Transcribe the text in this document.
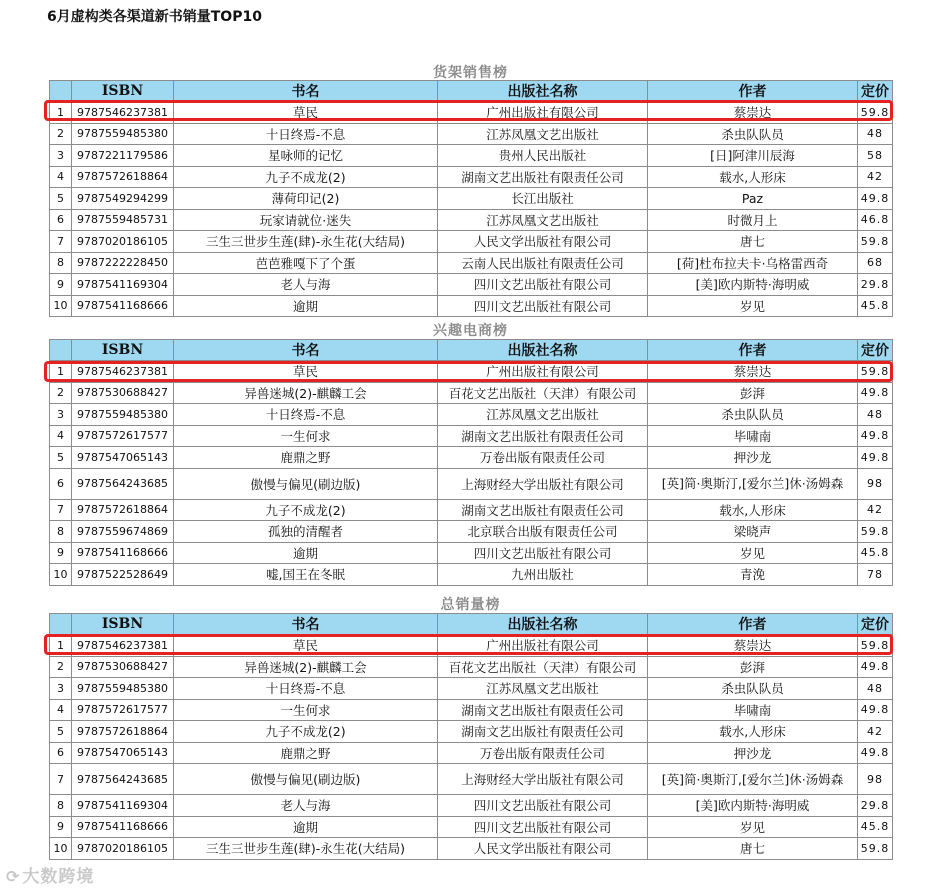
6月虚构类各渠道新书销量TOP10
货架销售榜
	ISBN	书名	出版社名称	作者	定价
1	9787546237381	草民	广州出版社有限公司	蔡崇达	59.8
2	9787559485380	十日终焉-不息	江苏凤凰文艺出版社	杀虫队队员	48
3	9787221179586	星咏师的记忆	贵州人民出版社	[日]阿津川辰海	58
4	9787572618864	九子不成龙(2)	湖南文艺出版社有限责任公司	载水,人形床	42
5	9787549294299	薄荷印记(2)	长江出版社	Paz	49.8
6	9787559485731	玩家请就位·迷失	江苏凤凰文艺出版社	时微月上	46.8
7	9787020186105	三生三世步生莲(肆)-永生花(大结局)	人民文学出版社有限公司	唐七	59.8
8	9787222228450	芭芭雅嘎下了个蛋	云南人民出版社有限责任公司	[荷]杜布拉夫卡·乌格雷西奇	68
9	9787541169304	老人与海	四川文艺出版社有限公司	[美]欧内斯特·海明威	29.8
10	9787541168666	逾期	四川文艺出版社有限公司	岁见	45.8
兴趣电商榜
	ISBN	书名	出版社名称	作者	定价
1	9787546237381	草民	广州出版社有限公司	蔡崇达	59.8
2	9787530688427	异兽迷城(2)-麒麟工会	百花文艺出版社（天津）有限公司	彭湃	49.8
3	9787559485380	十日终焉-不息	江苏凤凰文艺出版社	杀虫队队员	48
4	9787572617577	一生何求	湖南文艺出版社有限责任公司	毕啸南	49.8
5	9787547065143	鹿鼎之野	万卷出版有限责任公司	押沙龙	49.8
6	9787564243685	傲慢与偏见(刷边版)	上海财经大学出版社有限公司	[英]简·奥斯汀,[爱尔兰]休·汤姆森	98
7	9787572618864	九子不成龙(2)	湖南文艺出版社有限责任公司	载水,人形床	42
8	9787559674869	孤独的清醒者	北京联合出版有限责任公司	梁晓声	59.8
9	9787541168666	逾期	四川文艺出版社有限公司	岁见	45.8
10	9787522528649	嘘,国王在冬眠	九州出版社	青浼	78
总销量榜
	ISBN	书名	出版社名称	作者	定价
1	9787546237381	草民	广州出版社有限公司	蔡崇达	59.8
2	9787530688427	异兽迷城(2)-麒麟工会	百花文艺出版社（天津）有限公司	彭湃	49.8
3	9787559485380	十日终焉-不息	江苏凤凰文艺出版社	杀虫队队员	48
4	9787572617577	一生何求	湖南文艺出版社有限责任公司	毕啸南	49.8
5	9787572618864	九子不成龙(2)	湖南文艺出版社有限责任公司	载水,人形床	42
6	9787547065143	鹿鼎之野	万卷出版有限责任公司	押沙龙	49.8
7	9787564243685	傲慢与偏见(刷边版)	上海财经大学出版社有限公司	[英]简·奥斯汀,[爱尔兰]休·汤姆森	98
8	9787541169304	老人与海	四川文艺出版社有限公司	[美]欧内斯特·海明威	29.8
9	9787541168666	逾期	四川文艺出版社有限公司	岁见	45.8
10	9787020186105	三生三世步生莲(肆)-永生花(大结局)	人民文学出版社有限公司	唐七	59.8
⟳ 大数跨境
